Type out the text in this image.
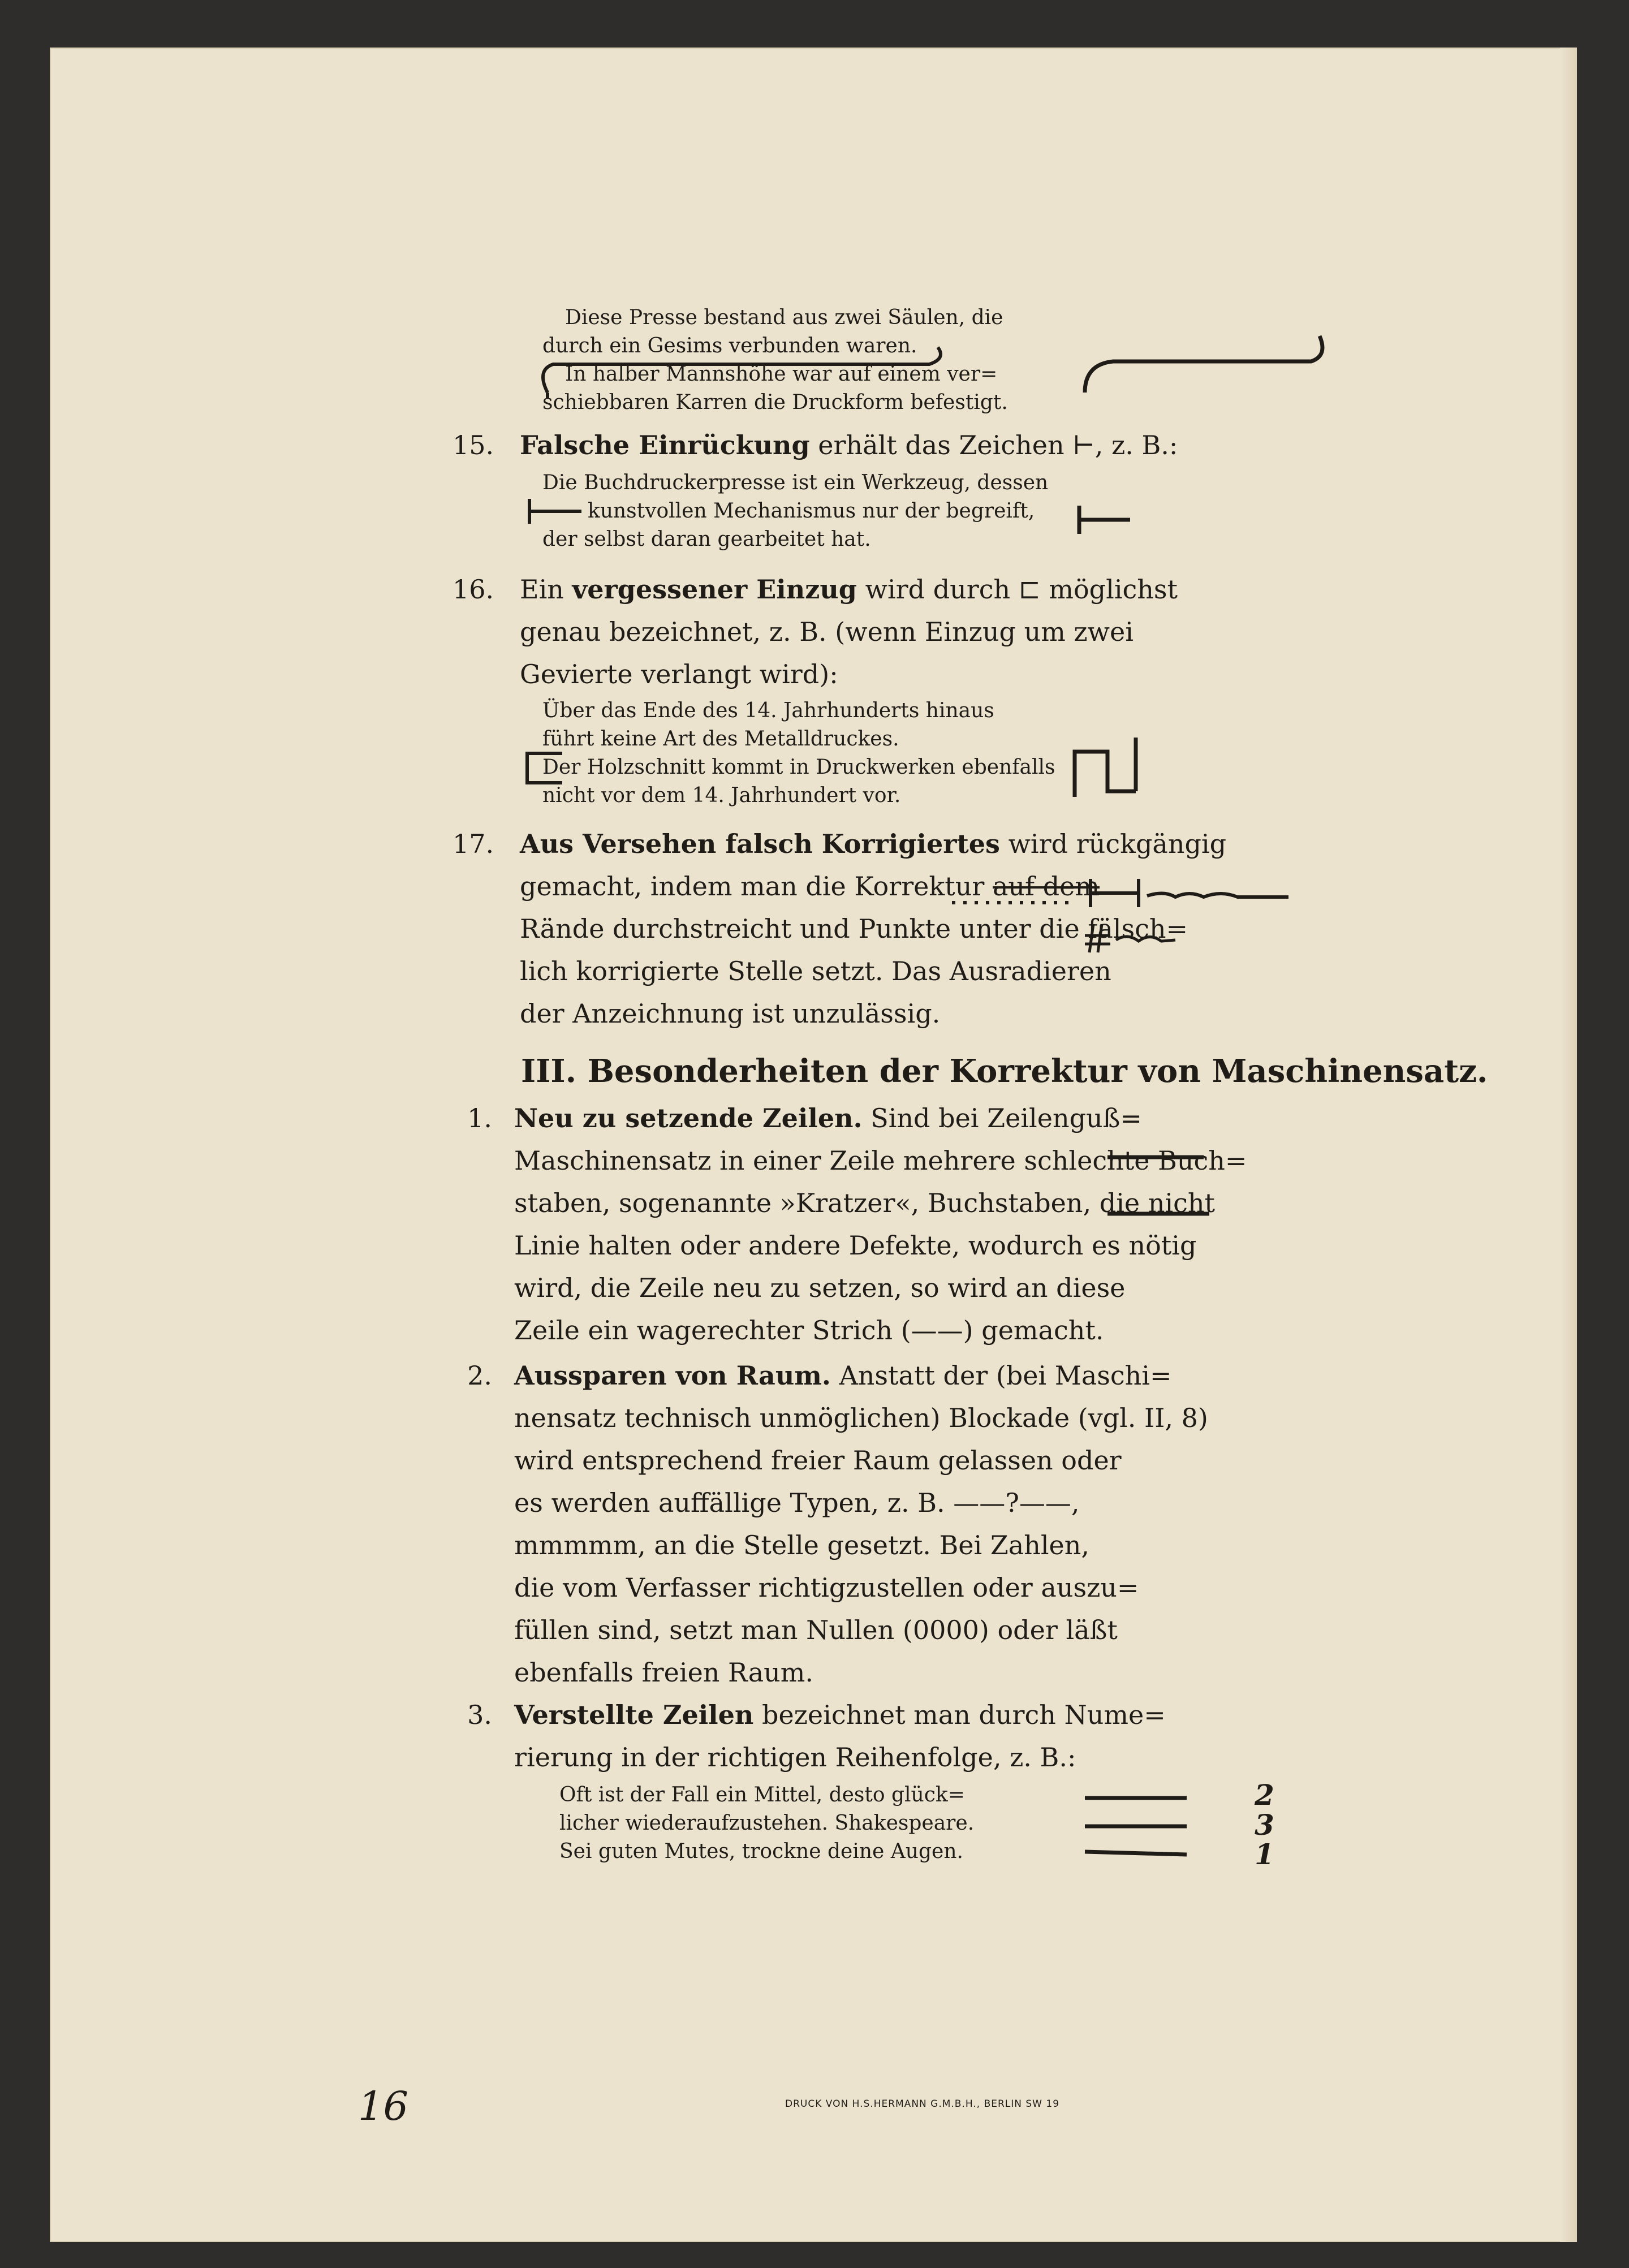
Diese Presse bestand aus zwei Säulen, die
durch ein Gesims verbunden waren.
In halber Mannshöhe war auf einem ver=
schiebbaren Karren die Druckform befestigt.
15. Falsche Einrückung erhält das Zeichen ⊢, z. B.:
Die Buchdruckerpresse ist ein Werkzeug, dessen
kunstvollen Mechanismus nur der begreift,
der selbst daran gearbeitet hat.
16. Ein vergessener Einzug wird durch ⊏ möglichst
genau bezeichnet, z. B. (wenn Einzug um zwei
Gevierte verlangt wird):
Über das Ende des 14. Jahrhunderts hinaus
führt keine Art des Metalldruckes.
Der Holzschnitt kommt in Druckwerken ebenfalls
nicht vor dem 14. Jahrhundert vor.
17. Aus Versehen falsch Korrigiertes wird rückgängig
gemacht, indem man die Korrektur auf dem
Rände durchstreicht und Punkte unter die fälsch=
lich korrigierte Stelle setzt. Das Ausradieren
der Anzeichnung ist unzulässig.
III. Besonderheiten der Korrektur von Maschinensatz.
1. Neu zu setzende Zeilen. Sind bei Zeilenguß=
Maschinensatz in einer Zeile mehrere schlechte Buch=
staben, sogenannte »Kratzer«, Buchstaben, die nicht
Linie halten oder andere Defekte, wodurch es nötig
wird, die Zeile neu zu setzen, so wird an diese
Zeile ein wagerechter Strich (——) gemacht.
2. Aussparen von Raum. Anstatt der (bei Maschi=
nensatz technisch unmöglichen) Blockade (vgl. II, 8)
wird entsprechend freier Raum gelassen oder
es werden auffällige Typen, z. B. ——?——,
mmmmm, an die Stelle gesetzt. Bei Zahlen,
die vom Verfasser richtigzustellen oder auszu=
füllen sind, setzt man Nullen (0000) oder läßt
ebenfalls freien Raum.
3. Verstellte Zeilen bezeichnet man durch Nume=
rierung in der richtigen Reihenfolge, z. B.:
Oft ist der Fall ein Mittel, desto glück=
licher wiederaufzustehen. Shakespeare.
Sei guten Mutes, trockne deine Augen.
2
3
1
16	DRUCK VON H.S.HERMANN G.M.B.H., BERLIN SW 19
